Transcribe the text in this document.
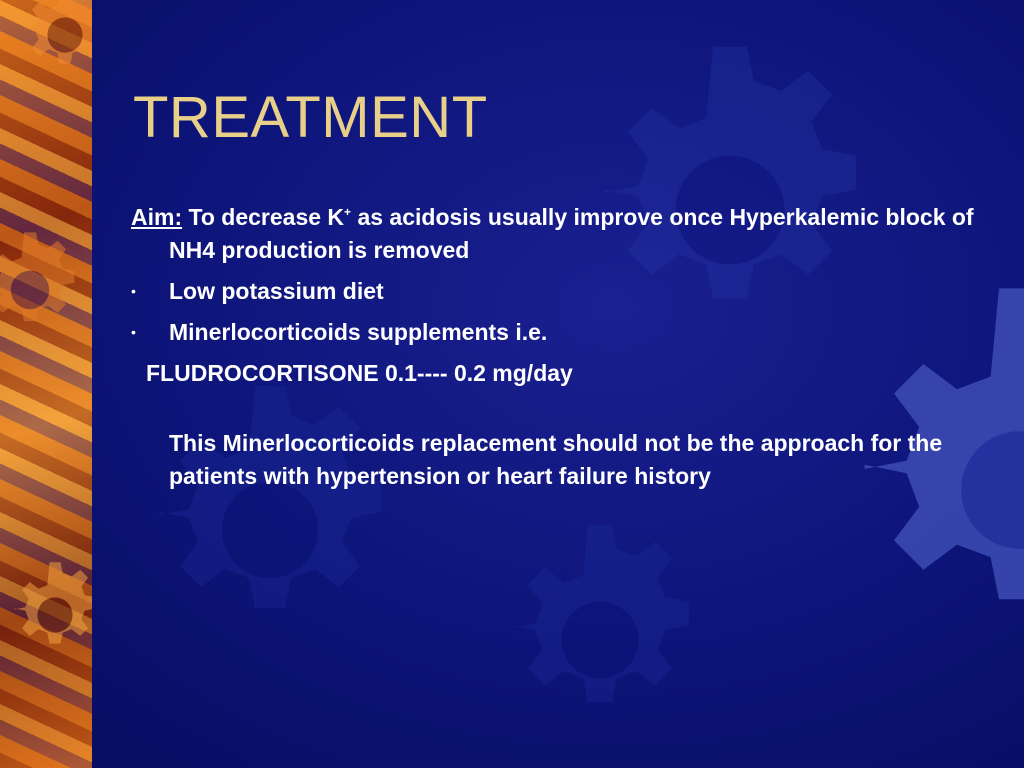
TREATMENT
Aim: To decrease K+ as acidosis usually improve once Hyperkalemic block of NH4 production is removed
• Low potassium diet
• Minerlocorticoids supplements i.e.
FLUDROCORTISONE 0.1---- 0.2 mg/day
This Minerlocorticoids replacement should not be the approach for the patients with hypertension or heart failure history
